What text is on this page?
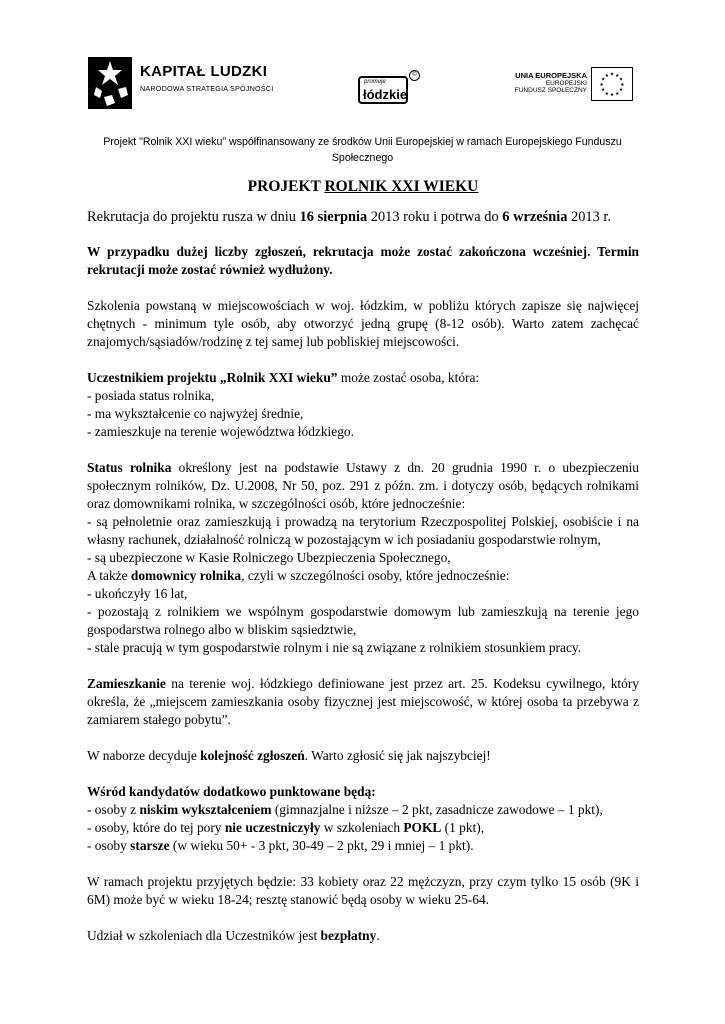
KAPITAŁ LUDZKI
NARODOWA STRATEGIA SPÓJNOŚCI
promuje
łódzkie
©	UNIA EUROPEJSKA
EUROPEJSKI
FUNDUSZ SPOŁECZNY
★ ★
★
★
★
★
★
★
★
★
★
★
Projekt "Rolnik XXI wieku" współfinansowany ze środków Unii Europejskiej w ramach Europejskiego Funduszu Społecznego
PROJEKT ROLNIK XXI WIEKU
Rekrutacja do projektu rusza w dniu 16 sierpnia 2013 roku i potrwa do 6 września 2013 r.

W przypadku dużej liczby zgłoszeń, rekrutacja może zostać zakończona wcześniej. Termin rekrutacji może zostać również wydłużony.

Szkolenia powstaną w miejscowościach w woj. łódzkim, w pobliżu których zapisze się najwięcej chętnych - minimum tyle osób, aby otworzyć jedną grupę (8-12 osób). Warto zatem zachęcać znajomych/sąsiadów/rodzinę z tej samej lub pobliskiej miejscowości.

Uczestnikiem projektu „Rolnik XXI wieku” może zostać osoba, która:
- posiada status rolnika,
- ma wykształcenie co najwyżej średnie,
- zamieszkuje na terenie województwa łódzkiego.

Status rolnika określony jest na podstawie Ustawy z dn. 20 grudnia 1990 r. o ubezpieczeniu społecznym rolników, Dz. U.2008, Nr 50, poz. 291 z późn. zm. i dotyczy osób, będących rolnikami oraz domownikami rolnika, w szczególności osób, które jednocześnie:
- są pełnoletnie oraz zamieszkują i prowadzą na terytorium Rzeczpospolitej Polskiej, osobiście i na własny rachunek, działalność rolniczą w pozostającym w ich posiadaniu gospodarstwie rolnym,
- są ubezpieczone w Kasie Rolniczego Ubezpieczenia Społecznego,
A także domownicy rolnika, czyli w szczególności osoby, które jednocześnie:
- ukończyły 16 lat,
- pozostają z rolnikiem we wspólnym gospodarstwie domowym lub zamieszkują na terenie jego gospodarstwa rolnego albo w bliskim sąsiedztwie,
- stale pracują w tym gospodarstwie rolnym i nie są związane z rolnikiem stosunkiem pracy.

Zamieszkanie na terenie woj. łódzkiego definiowane jest przez art. 25. Kodeksu cywilnego, który określa, że „miejscem zamieszkania osoby fizycznej jest miejscowość, w której osoba ta przebywa z zamiarem stałego pobytu”.

W naborze decyduje kolejność zgłoszeń. Warto zgłosić się jak najszybciej!

Wśród kandydatów dodatkowo punktowane będą:
- osoby z niskim wykształceniem (gimnazjalne i niższe – 2 pkt, zasadnicze zawodowe – 1 pkt),
- osoby, które do tej pory nie uczestniczyły w szkoleniach POKL (1 pkt),
- osoby starsze (w wieku 50+ - 3 pkt, 30-49 – 2 pkt, 29 i mniej – 1 pkt).

W ramach projektu przyjętych będzie: 33 kobiety oraz 22 mężczyzn, przy czym tylko 15 osób (9K i 6M) może być w wieku 18-24; resztę stanowić będą osoby w wieku 25-64.

Udział w szkoleniach dla Uczestników jest bezpłatny.
